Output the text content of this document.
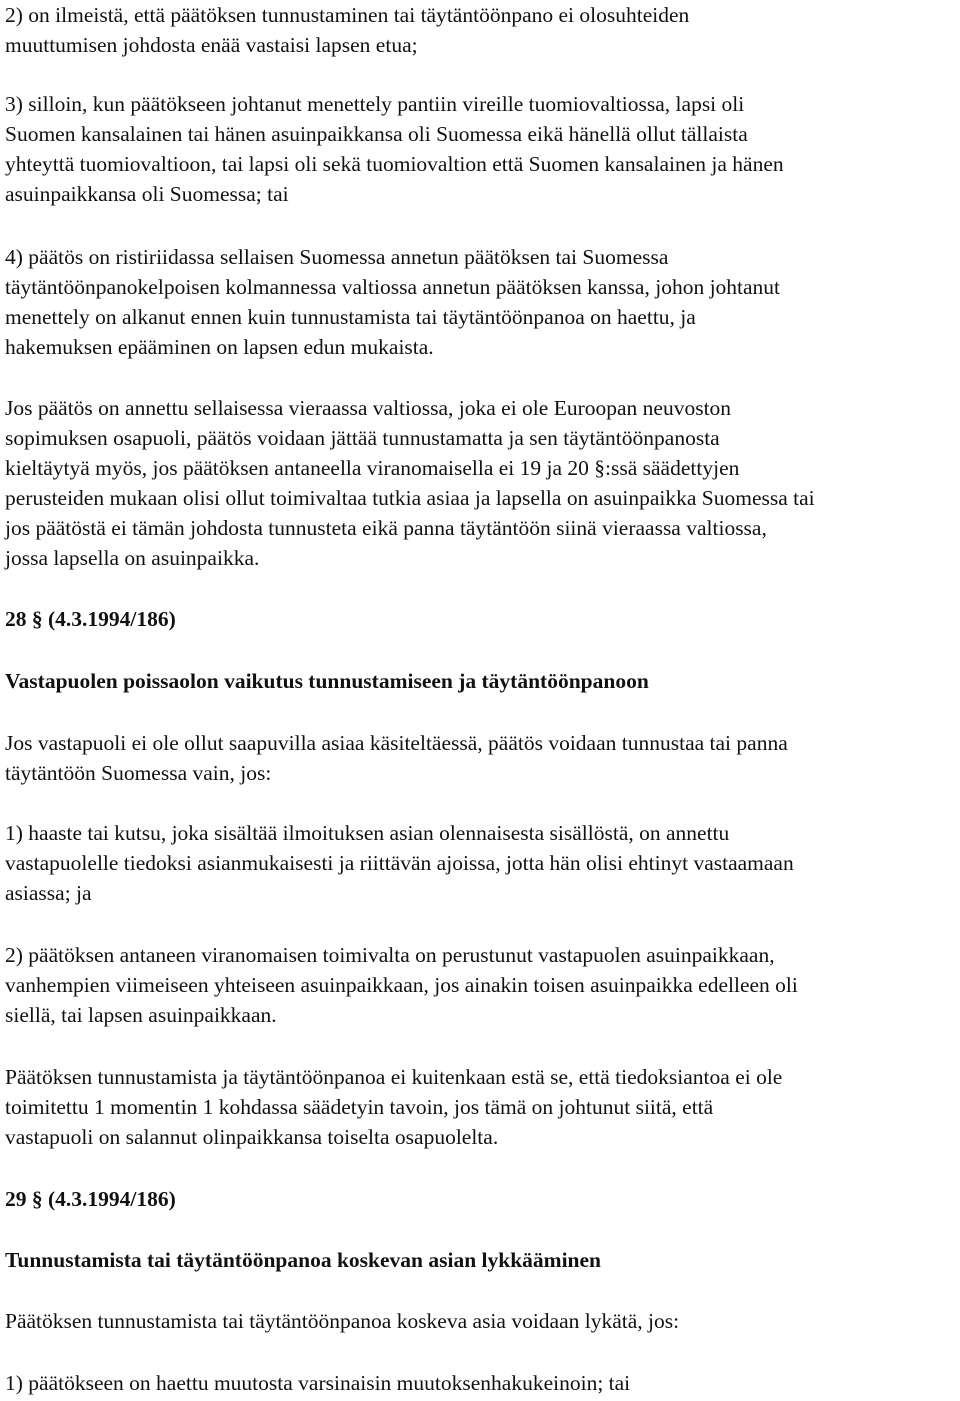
2) on ilmeistä, että päätöksen tunnustaminen tai täytäntöönpano ei olosuhteiden
muuttumisen johdosta enää vastaisi lapsen etua;

3) silloin, kun päätökseen johtanut menettely pantiin vireille tuomiovaltiossa, lapsi oli
Suomen kansalainen tai hänen asuinpaikkansa oli Suomessa eikä hänellä ollut tällaista
yhteyttä tuomiovaltioon, tai lapsi oli sekä tuomiovaltion että Suomen kansalainen ja hänen
asuinpaikkansa oli Suomessa; tai

4) päätös on ristiriidassa sellaisen Suomessa annetun päätöksen tai Suomessa
täytäntöönpanokelpoisen kolmannessa valtiossa annetun päätöksen kanssa, johon johtanut
menettely on alkanut ennen kuin tunnustamista tai täytäntöönpanoa on haettu, ja
hakemuksen epääminen on lapsen edun mukaista.

Jos päätös on annettu sellaisessa vieraassa valtiossa, joka ei ole Euroopan neuvoston
sopimuksen osapuoli, päätös voidaan jättää tunnustamatta ja sen täytäntöönpanosta
kieltäytyä myös, jos päätöksen antaneella viranomaisella ei 19 ja 20 §:ssä säädettyjen
perusteiden mukaan olisi ollut toimivaltaa tutkia asiaa ja lapsella on asuinpaikka Suomessa tai
jos päätöstä ei tämän johdosta tunnusteta eikä panna täytäntöön siinä vieraassa valtiossa,
jossa lapsella on asuinpaikka.

28 § (4.3.1994/186)
Vastapuolen poissaolon vaikutus tunnustamiseen ja täytäntöönpanoon

Jos vastapuoli ei ole ollut saapuvilla asiaa käsiteltäessä, päätös voidaan tunnustaa tai panna
täytäntöön Suomessa vain, jos:

1) haaste tai kutsu, joka sisältää ilmoituksen asian olennaisesta sisällöstä, on annettu
vastapuolelle tiedoksi asianmukaisesti ja riittävän ajoissa, jotta hän olisi ehtinyt vastaamaan
asiassa; ja

2) päätöksen antaneen viranomaisen toimivalta on perustunut vastapuolen asuinpaikkaan,
vanhempien viimeiseen yhteiseen asuinpaikkaan, jos ainakin toisen asuinpaikka edelleen oli
siellä, tai lapsen asuinpaikkaan.

Päätöksen tunnustamista ja täytäntöönpanoa ei kuitenkaan estä se, että tiedoksiantoa ei ole
toimitettu 1 momentin 1 kohdassa säädetyin tavoin, jos tämä on johtunut siitä, että
vastapuoli on salannut olinpaikkansa toiselta osapuolelta.

29 § (4.3.1994/186)
Tunnustamista tai täytäntöönpanoa koskevan asian lykkääminen

Päätöksen tunnustamista tai täytäntöönpanoa koskeva asia voidaan lykätä, jos:

1) päätökseen on haettu muutosta varsinaisin muutoksenhakukeinoin; tai
